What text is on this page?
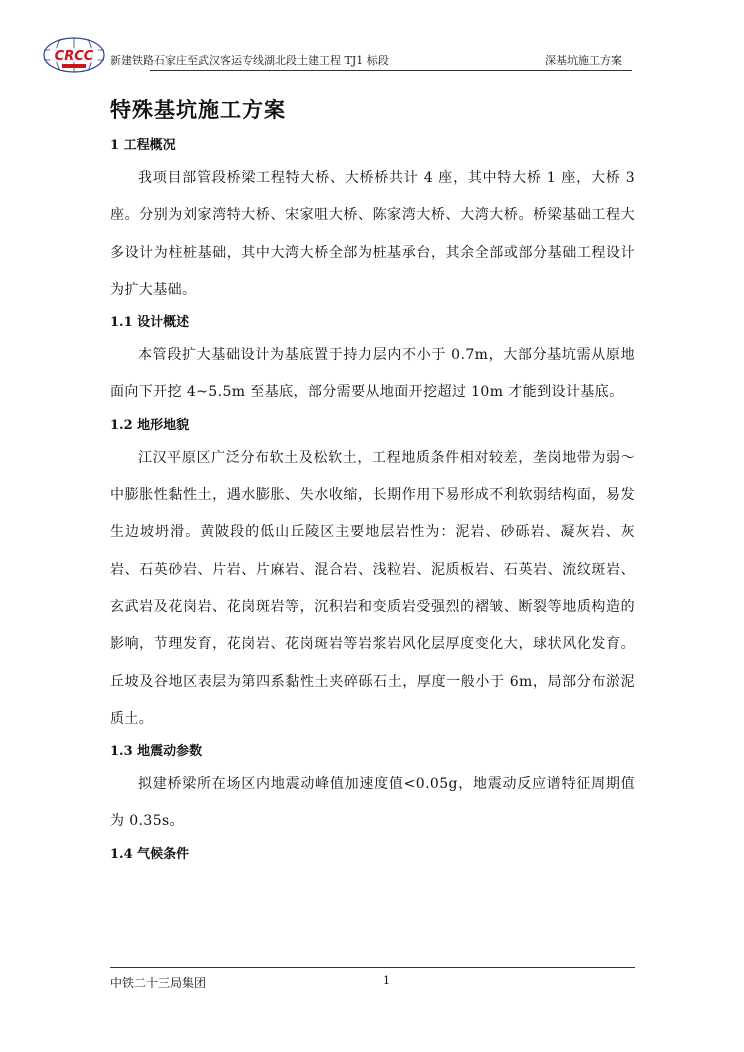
CRCC 新建铁路石家庄至武汉客运专线湖北段土建工程 TJ1 标段	深基坑施工方案
特殊基坑施工方案
1 工程概况

我项目部管段桥梁工程特大桥、大桥桥共计 4 座，其中特大桥 1 座，大桥 3 座。分别为刘家湾特大桥、宋家咀大桥、陈家湾大桥、大湾大桥。桥梁基础工程大多设计为柱桩基础，其中大湾大桥全部为桩基承台，其余全部或部分基础工程设计为扩大基础。

1.1 设计概述

本管段扩大基础设计为基底置于持力层内不小于 0.7m，大部分基坑需从原地面向下开挖 4~5.5m 至基底，部分需要从地面开挖超过 10m 才能到设计基底。

1.2 地形地貌

江汉平原区广泛分布软土及松软土，工程地质条件相对较差，垄岗地带为弱～中膨胀性黏性土，遇水膨胀、失水收缩，长期作用下易形成不利软弱结构面，易发生边坡坍滑。黄陂段的低山丘陵区主要地层岩性为：泥岩、砂砾岩、凝灰岩、灰岩、石英砂岩、片岩、片麻岩、混合岩、浅粒岩、泥质板岩、石英岩、流纹斑岩、玄武岩及花岗岩、花岗斑岩等，沉积岩和变质岩受强烈的褶皱、断裂等地质构造的影响，节理发育，花岗岩、花岗斑岩等岩浆岩风化层厚度变化大，球状风化发育。丘坡及谷地区表层为第四系黏性土夹碎砾石土，厚度一般小于 6m，局部分布淤泥质土。

1.3 地震动参数

拟建桥梁所在场区内地震动峰值加速度值<0.05g，地震动反应谱特征周期值为 0.35s。

1.4 气候条件
中铁二十三局集团	1
